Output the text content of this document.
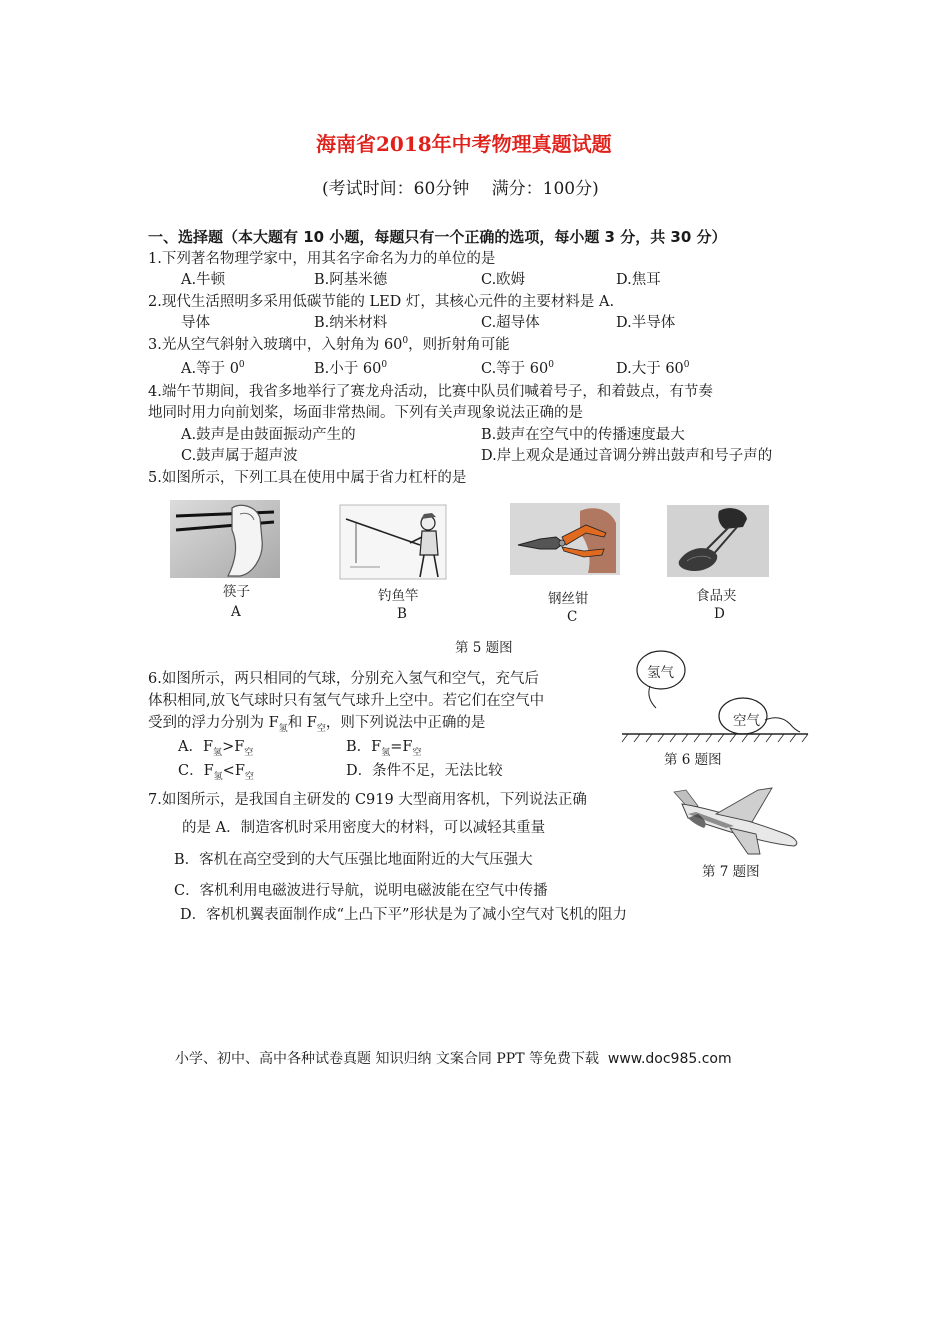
海南省2018年中考物理真题试题
(考试时间：60分钟　 满分：100分)
一、选择题（本大题有 10 小题，每题只有一个正确的选项，每小题 3 分，共 30 分）
1.下列著名物理学家中，用其名字命名为力的单位的是
A.牛顿	B.阿基米德	C.欧姆	D.焦耳
2.现代生活照明多采用低碳节能的 LED 灯，其核心元件的主要材料是 A.
导体	B.纳米材料	C.超导体	D.半导体
3.光从空气斜射入玻璃中，入射角为 $60^0$，则折射角可能
A.等于 $0^0$	B.小于 $60^0$	C.等于 $60^0$	D.大于 $60^0$
4.端午节期间，我省多地举行了赛龙舟活动，比赛中队员们喊着号子，和着鼓点，有节奏
地同时用力向前划桨，场面非常热闹。下列有关声现象说法正确的是
A.鼓声是由鼓面振动产生的	B.鼓声在空气中的传播速度最大
C.鼓声属于超声波	D.岸上观众是通过音调分辨出鼓声和号子声的
5.如图所示，下列工具在使用中属于省力杠杆的是
筷子
A
钓鱼竿
B
钢丝钳
C
食品夹
D
第 5 题图
6.如图所示，两只相同的气球，分别充入氢气和空气，充气后
体积相同,放飞气球时只有氢气气球升上空中。若它们在空气中
受到的浮力分别为 $F_氢$和 $F_空$，则下列说法中正确的是
A．$F_氢>F_空$	B．$F_氢=F_空$
C．$F_氢<F_空$	D．条件不足，无法比较
氢气
空气
第 6 题图
7.如图所示，是我国自主研发的 C919 大型商用客机，下列说法正确
的是 A．制造客机时采用密度大的材料，可以减轻其重量
B．客机在高空受到的大气压强比地面附近的大气压强大
C．客机利用电磁波进行导航，说明电磁波能在空气中传播
D．客机机翼表面制作成“上凸下平”形状是为了减小空气对飞机的阻力
第 7 题图
小学、初中、高中各种试卷真题 知识归纳 文案合同 PPT 等免费下载 www.doc985.com
